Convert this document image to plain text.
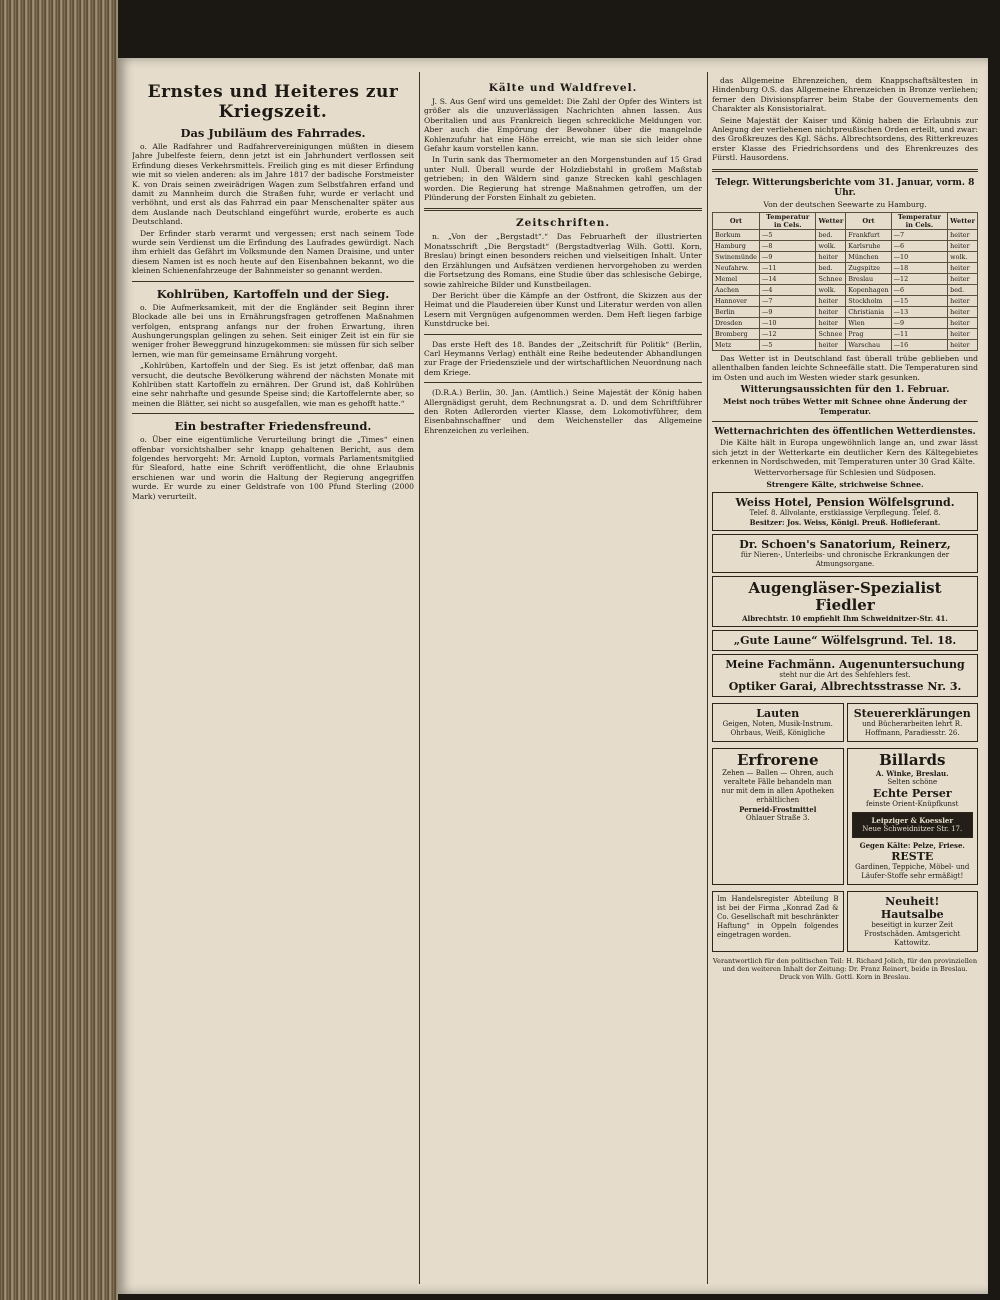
Ernstes und Heiteres zur Kriegszeit.
Das Jubiläum des Fahrrades.

o. Alle Radfahrer und Radfahrervereinigungen müßten in diesem Jahre Jubelfeste feiern, denn jetzt ist ein Jahrhundert verflossen seit Erfindung dieses Verkehrsmittels. Freilich ging es mit dieser Erfindung wie mit so vielen anderen: als im Jahre 1817 der badische Forstmeister K. von Drais seinen zweirädrigen Wagen zum Selbstfahren erfand und damit zu Mannheim durch die Straßen fuhr, wurde er verlacht und verhöhnt, und erst als das Fahrrad ein paar Menschenalter später aus dem Auslande nach Deutschland eingeführt wurde, eroberte es auch Deutschland.

Der Erfinder starb verarmt und vergessen; erst nach seinem Tode wurde sein Verdienst um die Erfindung des Laufrades gewürdigt. Nach ihm erhielt das Gefährt im Volksmunde den Namen Draisine, und unter diesem Namen ist es noch heute auf den Eisenbahnen bekannt, wo die kleinen Schienenfahrzeuge der Bahnmeister so genannt werden.

Kohlrüben, Kartoffeln und der Sieg.

o. Die Aufmerksamkeit, mit der die Engländer seit Beginn ihrer Blockade alle bei uns in Ernährungsfragen getroffenen Maßnahmen verfolgen, entsprang anfangs nur der frohen Erwartung, ihren Aushungerungsplan gelingen zu sehen. Seit einiger Zeit ist ein für sie weniger froher Beweggrund hinzugekommen: sie müssen für sich selber lernen, wie man für gemeinsame Ernährung vorgeht.

„Kohlrüben, Kartoffeln und der Sieg. Es ist jetzt offenbar, daß man versucht, die deutsche Bevölkerung während der nächsten Monate mit Kohlrüben statt Kartoffeln zu ernähren. Der Grund ist, daß Kohlrüben eine sehr nahrhafte und gesunde Speise sind; die Kartoffelernte aber, so meinen die Blätter, sei nicht so ausgefallen, wie man es gehofft hatte.“

Ein bestrafter Friedensfreund.

o. Über eine eigentümliche Verurteilung bringt die „Times“ einen offenbar vorsichtshalber sehr knapp gehaltenen Bericht, aus dem folgendes hervorgeht: Mr. Arnold Lupton, vormals Parlamentsmitglied für Sleaford, hatte eine Schrift veröffentlicht, die ohne Erlaubnis erschienen war und worin die Haltung der Regierung angegriffen wurde. Er wurde zu einer Geldstrafe von 100 Pfund Sterling (2000 Mark) verurteilt.

Kälte und Waldfrevel.

J. S. Aus Genf wird uns gemeldet: Die Zahl der Opfer des Winters ist größer als die unzuverlässigen Nachrichten ahnen lassen. Aus Oberitalien und aus Frankreich liegen schreckliche Meldungen vor. Aber auch die Empörung der Bewohner über die mangelnde Kohlenzufuhr hat eine Höhe erreicht, wie man sie sich leider ohne Gefahr kaum vorstellen kann.

In Turin sank das Thermometer an den Morgenstunden auf 15 Grad unter Null. Überall wurde der Holzdiebstahl in großem Maßstab getrieben; in den Wäldern sind ganze Strecken kahl geschlagen worden. Die Regierung hat strenge Maßnahmen getroffen, um der Plünderung der Forsten Einhalt zu gebieten.

Zeitschriften.

n. „Von der „Bergstadt“.“ Das Februarheft der illustrierten Monatsschrift „Die Bergstadt“ (Bergstadtverlag Wilh. Gottl. Korn, Breslau) bringt einen besonders reichen und vielseitigen Inhalt. Unter den Erzählungen und Aufsätzen verdienen hervorgehoben zu werden die Fortsetzung des Romans, eine Studie über das schlesische Gebirge, sowie zahlreiche Bilder und Kunstbeilagen.

Der Bericht über die Kämpfe an der Ostfront, die Skizzen aus der Heimat und die Plaudereien über Kunst und Literatur werden von allen Lesern mit Vergnügen aufgenommen werden. Dem Heft liegen farbige Kunstdrucke bei.

Das erste Heft des 18. Bandes der „Zeitschrift für Politik“ (Berlin, Carl Heymanns Verlag) enthält eine Reihe bedeutender Abhandlungen zur Frage der Friedensziele und der wirtschaftlichen Neuordnung nach dem Kriege.

(D.R.A.) Berlin, 30. Jan. (Amtlich.) Seine Majestät der König haben Allergnädigst geruht, dem Rechnungsrat a. D. und dem Schriftführer den Roten Adlerorden vierter Klasse, dem Lokomotivführer, dem Eisenbahnschaffner und dem Weichensteller das Allgemeine Ehrenzeichen zu verleihen.

das Allgemeine Ehrenzeichen, dem Knappschaftsältesten in Hindenburg O.S. das Allgemeine Ehrenzeichen in Bronze verliehen; ferner den Divisionspfarrer beim Stabe der Gouvernements den Charakter als Konsistorialrat.

Seine Majestät der Kaiser und König haben die Erlaubnis zur Anlegung der verliehenen nichtpreußischen Orden erteilt, und zwar: des Großkreuzes des Kgl. Sächs. Albrechtsordens, des Ritterkreuzes erster Klasse des Friedrichsordens und des Ehrenkreuzes des Fürstl. Hausordens.

Telegr. Witterungsberichte vom 31. Januar, vorm. 8 Uhr.
Von der deutschen Seewarte zu Hamburg.
Ort	Temperatur in Cels.	Wetter	Ort	Temperatur in Cels.	Wetter
Borkum	—5	bed.	Frankfurt	—7	heiter
Hamburg	—8	wolk.	Karlsruhe	—6	heiter
Swinemünde	—9	heiter	München	—10	wolk.
Neufahrw.	—11	bed.	Zugspitze	—18	heiter
Memel	—14	Schnee	Breslau	—12	heiter
Aachen	—4	wolk.	Kopenhagen	—6	bed.
Hannover	—7	heiter	Stockholm	—15	heiter
Berlin	—9	heiter	Christiania	—13	heiter
Dresden	—10	heiter	Wien	—9	heiter
Bromberg	—12	Schnee	Prag	—11	heiter
Metz	—5	heiter	Warschau	—16	heiter

Das Wetter ist in Deutschland fast überall trübe geblieben und allenthalben fanden leichte Schneefälle statt. Die Temperaturen sind im Osten und auch im Westen wieder stark gesunken.

Witterungsaussichten für den 1. Februar.
Meist noch trübes Wetter mit Schnee ohne Änderung der Temperatur.
Wetternachrichten des öffentlichen Wetterdienstes.

Die Kälte hält in Europa ungewöhnlich lange an, und zwar lässt sich jetzt in der Wetterkarte ein deutlicher Kern des Kältegebietes erkennen in Nordschweden, mit Temperaturen unter 30 Grad Kälte.

Wettervorhersage für Schlesien und Südposen.
Strengere Kälte, strichweise Schnee.
Weiss Hotel, Pension Wölfelsgrund.
Telef. 8. Allvolante, erstklassige Verpflegung. Telef. 8.
Besitzer: Jos. Weiss, Königl. Preuß. Hoflieferant.
Dr. Schoen's Sanatorium, Reinerz,
für Nieren-, Unterleibs- und chronische Erkrankungen der Atmungsorgane.
Augengläser-Spezialist Fiedler
Albrechtstr. 10 empfiehlt Ihm Schweidnitzer-Str. 41.
„Gute Laune“ Wölfelsgrund. Tel. 18.
Meine Fachmänn. Augenuntersuchung
steht nur die Art des Sehfehlers fest.
Optiker Garai, Albrechtsstrasse Nr. 3.
Lauten
Geigen, Noten, Musik-Instrum. Ohrbaus, Weiß, Königliche
Steuererklärungen
und Bücherarbeiten lehrt R. Hoffmann, Paradiesstr. 26.
Erfrorene
Zehen — Ballen — Ohren, auch veraltete Fälle behandeln man nur mit dem in allen Apotheken erhältlichen
Perneid-Frostmittel
Ohlauer Straße 3.
Billards
A. Winke, Breslau.
Selten schöne
Echte Perser
feinste Orient-Knüpfkunst
Leipziger & Koessler
Neue Schweidnitzer Str. 17.
Gegen Kälte: Pelze, Friese.
RESTE
Gardinen, Teppiche, Möbel- und Läufer-Stoffe sehr ermäßigt!
Im Handelsregister Abteilung B ist bei der Firma „Konrad Zad & Co. Gesellschaft mit beschränkter Haftung“ in Oppeln folgendes eingetragen worden.
Neuheit!
Hautsalbe
beseitigt in kurzer Zeit Frostschäden. Amtsgericht Kattowitz.
Verantwortlich für den politischen Teil: H. Richard Jolich, für den provinziellen und den weiteren Inhalt der Zeitung: Dr. Franz Reinert, beide in Breslau. Druck von Wilh. Gottl. Korn in Breslau.
